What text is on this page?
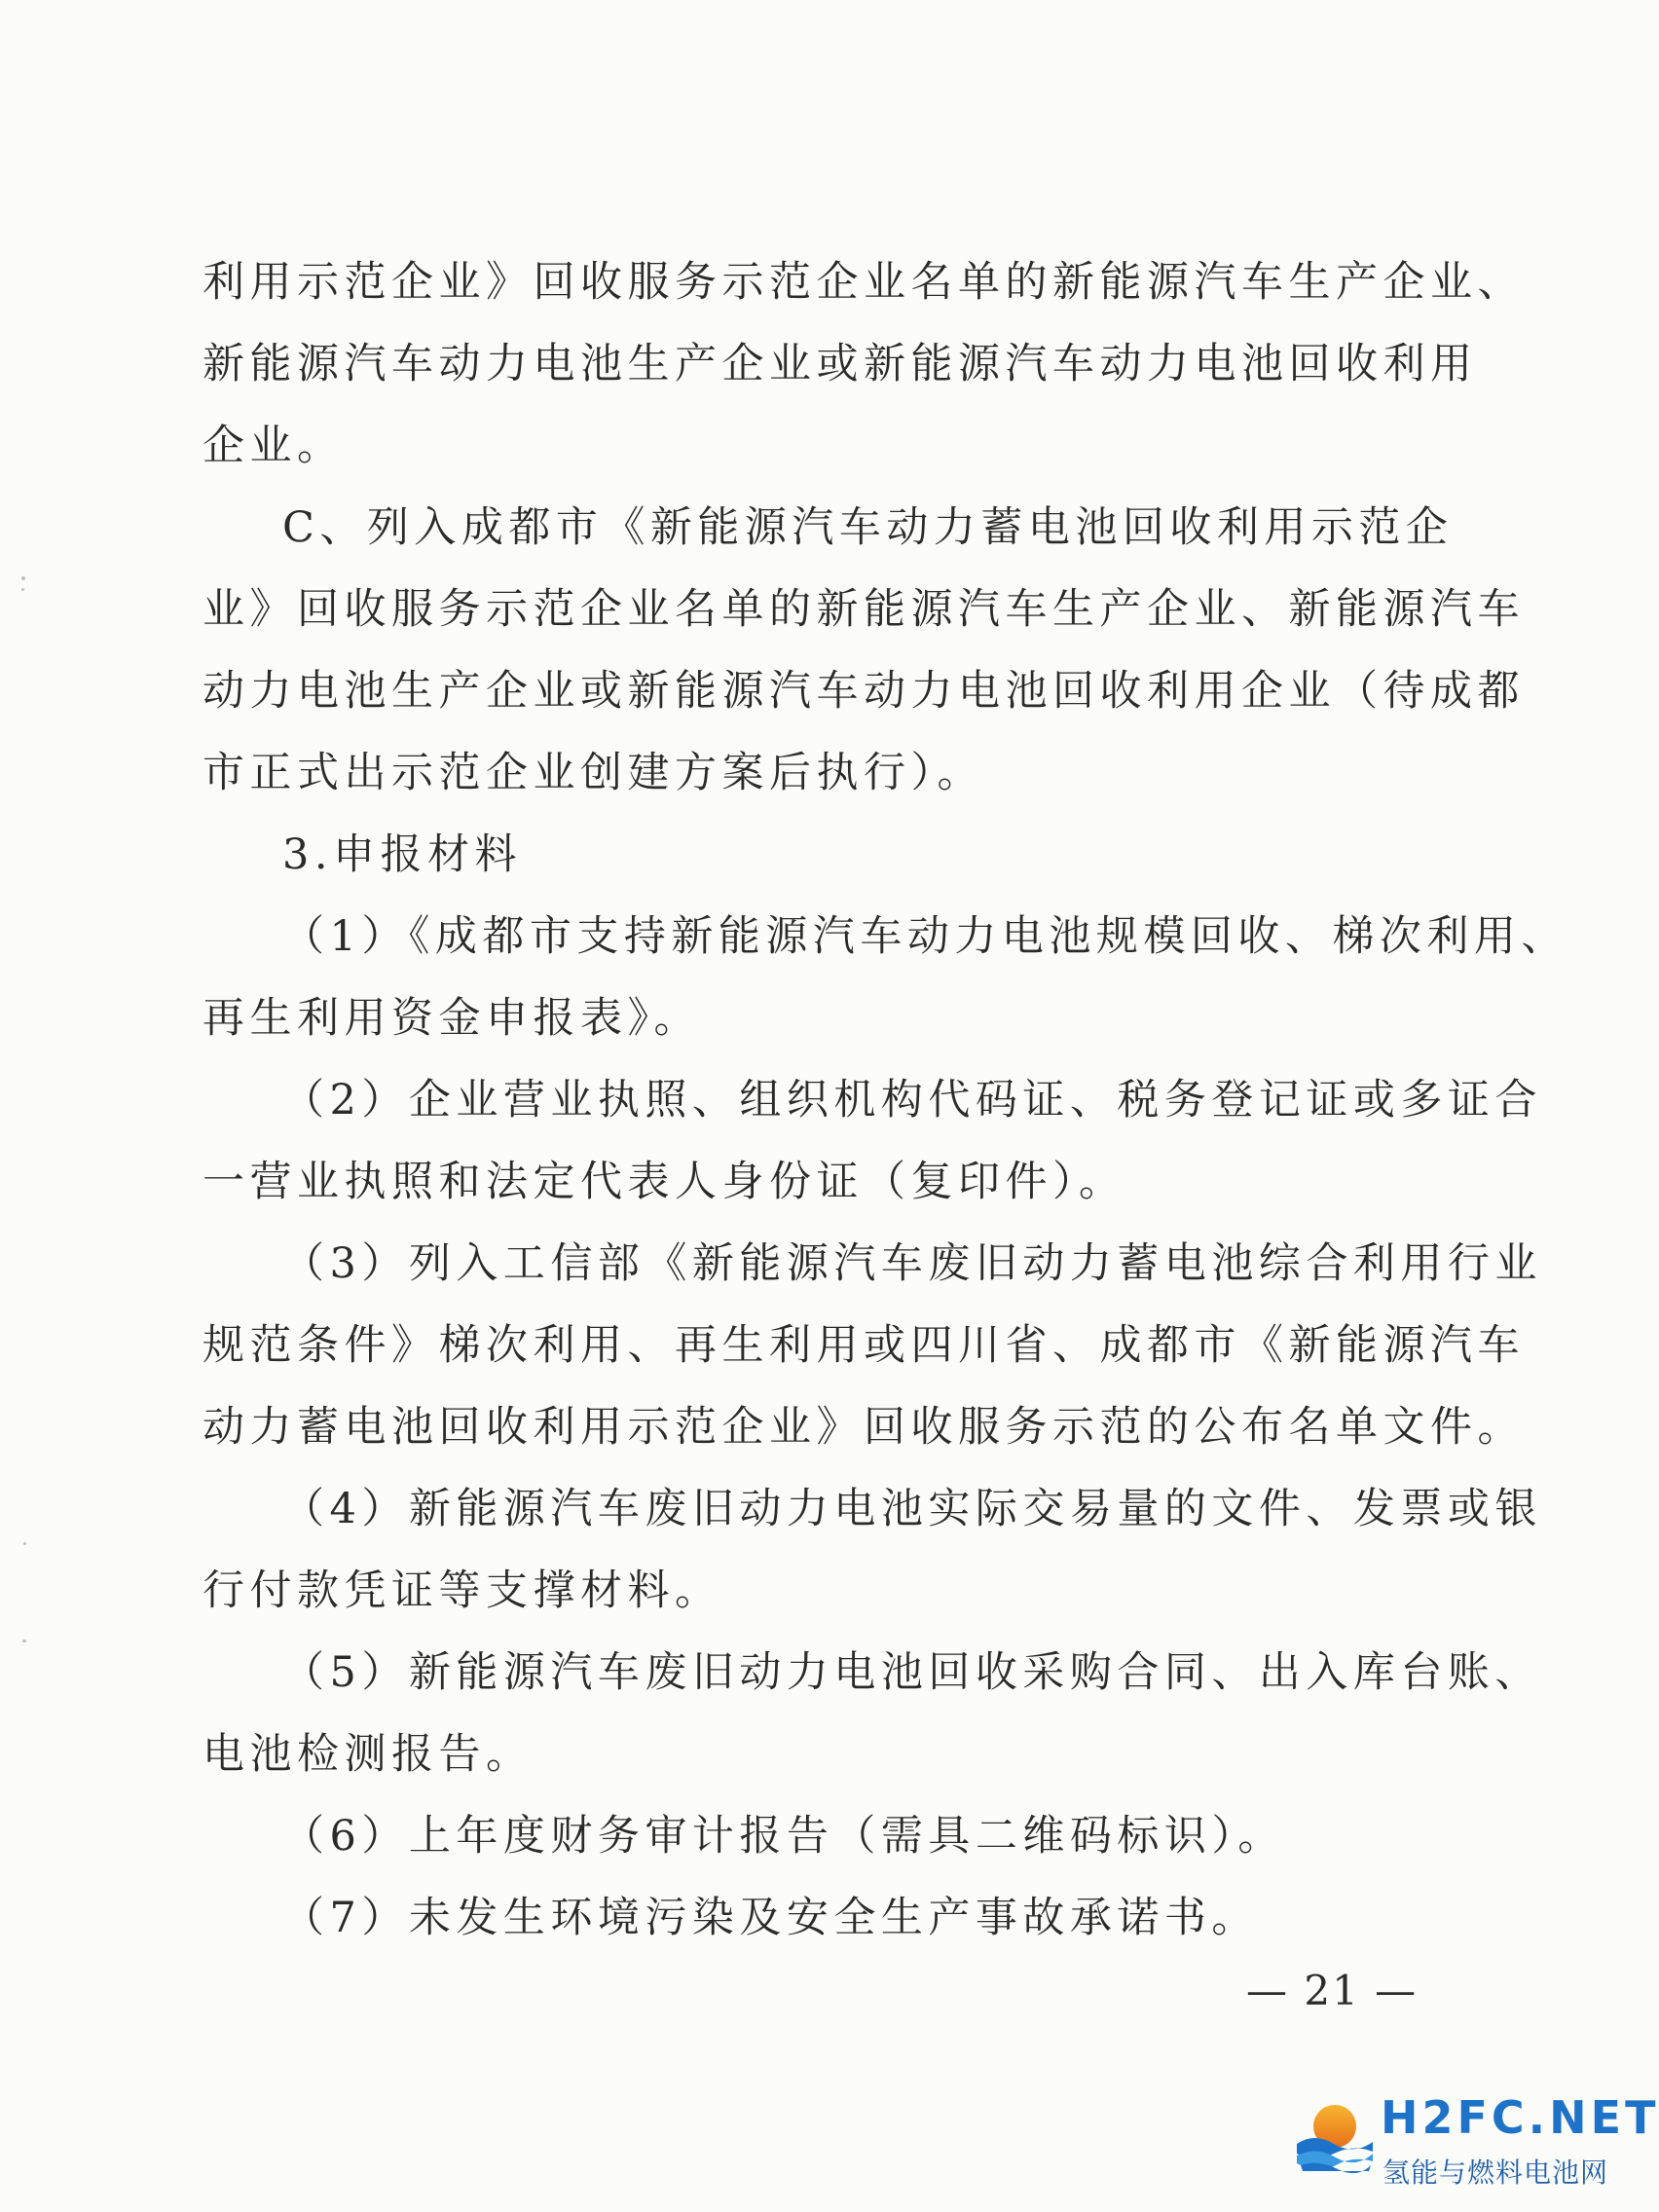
利用示范企业》回收服务示范企业名单的新能源汽车生产企业、
新能源汽车动力电池生产企业或新能源汽车动力电池回收利用
企业。
C、列入成都市《新能源汽车动力蓄电池回收利用示范企
业》回收服务示范企业名单的新能源汽车生产企业、新能源汽车
动力电池生产企业或新能源汽车动力电池回收利用企业（待成都
市正式出示范企业创建方案后执行）。
3.申报材料
（1）《成都市支持新能源汽车动力电池规模回收、梯次利用、
再生利用资金申报表》。
（2）企业营业执照、组织机构代码证、税务登记证或多证合
一营业执照和法定代表人身份证（复印件）。
（3）列入工信部《新能源汽车废旧动力蓄电池综合利用行业
规范条件》梯次利用、再生利用或四川省、成都市《新能源汽车
动力蓄电池回收利用示范企业》回收服务示范的公布名单文件。
（4）新能源汽车废旧动力电池实际交易量的文件、发票或银
行付款凭证等支撑材料。
（5）新能源汽车废旧动力电池回收采购合同、出入库台账、
电池检测报告。
（6）上年度财务审计报告（需具二维码标识）。
（7）未发生环境污染及安全生产事故承诺书。
— 21 —
H2FC.NET
氢能与燃料电池网
